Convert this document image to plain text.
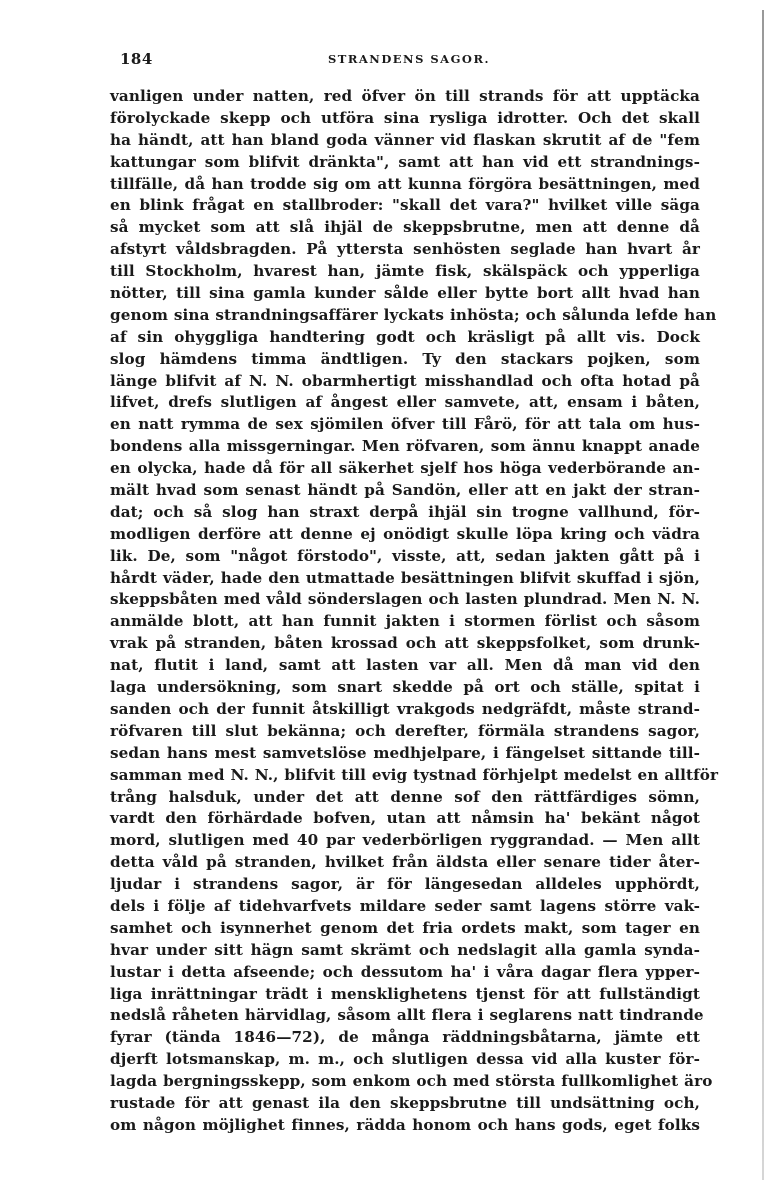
184	STRANDENS SAGOR.
vanligen under natten, red öfver ön till strands för att upptäcka
förolyckade skepp och utföra sina rysliga idrotter. Och det skall
ha händt, att han bland goda vänner vid flaskan skrutit af de "fem
kattungar som blifvit dränkta", samt att han vid ett strandnings-
tillfälle, då han trodde sig om att kunna förgöra besättningen, med
en blink frågat en stallbroder: "skall det vara?" hvilket ville säga
så mycket som att slå ihjäl de skeppsbrutne, men att denne då
afstyrt våldsbragden. På yttersta senhösten seglade han hvart år
till Stockholm, hvarest han, jämte fisk, skälspäck och ypperliga
nötter, till sina gamla kunder sålde eller bytte bort allt hvad han
genom sina strandningsaffärer lyckats inhösta; och sålunda lefde han
af sin ohyggliga handtering godt och kräsligt på allt vis. Dock
slog hämdens timma ändtligen. Ty den stackars pojken, som
länge blifvit af N. N. obarmhertigt misshandlad och ofta hotad på
lifvet, drefs slutligen af ångest eller samvete, att, ensam i båten,
en natt rymma de sex sjömilen öfver till Fårö, för att tala om hus-
bondens alla missgerningar. Men röfvaren, som ännu knappt anade
en olycka, hade då för all säkerhet sjelf hos höga vederbörande an-
mält hvad som senast händt på Sandön, eller att en jakt der stran-
dat; och så slog han straxt derpå ihjäl sin trogne vallhund, för-
modligen derföre att denne ej onödigt skulle löpa kring och vädra
lik. De, som "något förstodo", visste, att, sedan jakten gått på i
hårdt väder, hade den utmattade besättningen blifvit skuffad i sjön,
skeppsbåten med våld sönderslagen och lasten plundrad. Men N. N.
anmälde blott, att han funnit jakten i stormen förlist och såsom
vrak på stranden, båten krossad och att skeppsfolket, som drunk-
nat, flutit i land, samt att lasten var all. Men då man vid den
laga undersökning, som snart skedde på ort och ställe, spitat i
sanden och der funnit åtskilligt vrakgods nedgräfdt, måste strand-
röfvaren till slut bekänna; och derefter, förmäla strandens sagor,
sedan hans mest samvetslöse medhjelpare, i fängelset sittande till-
samman med N. N., blifvit till evig tystnad förhjelpt medelst en alltför
trång halsduk, under det att denne sof den rättfärdiges sömn,
vardt den förhärdade bofven, utan att nåmsin ha' bekänt något
mord, slutligen med 40 par vederbörligen ryggrandad. — Men allt
detta våld på stranden, hvilket från äldsta eller senare tider åter-
ljudar i strandens sagor, är för längesedan alldeles upphördt,
dels i följe af tidehvarfvets mildare seder samt lagens större vak-
samhet och isynnerhet genom det fria ordets makt, som tager en
hvar under sitt hägn samt skrämt och nedslagit alla gamla synda-
lustar i detta afseende; och dessutom ha' i våra dagar flera ypper-
liga inrättningar trädt i mensklighetens tjenst för att fullständigt
nedslå råheten härvidlag, såsom allt flera i seglarens natt tindrande
fyrar (tända 1846—72), de många räddningsbåtarna, jämte ett
djerft lotsmanskap, m. m., och slutligen dessa vid alla kuster för-
lagda bergningsskepp, som enkom och med största fullkomlighet äro
rustade för att genast ila den skeppsbrutne till undsättning och,
om någon möjlighet finnes, rädda honom och hans gods, eget folks
